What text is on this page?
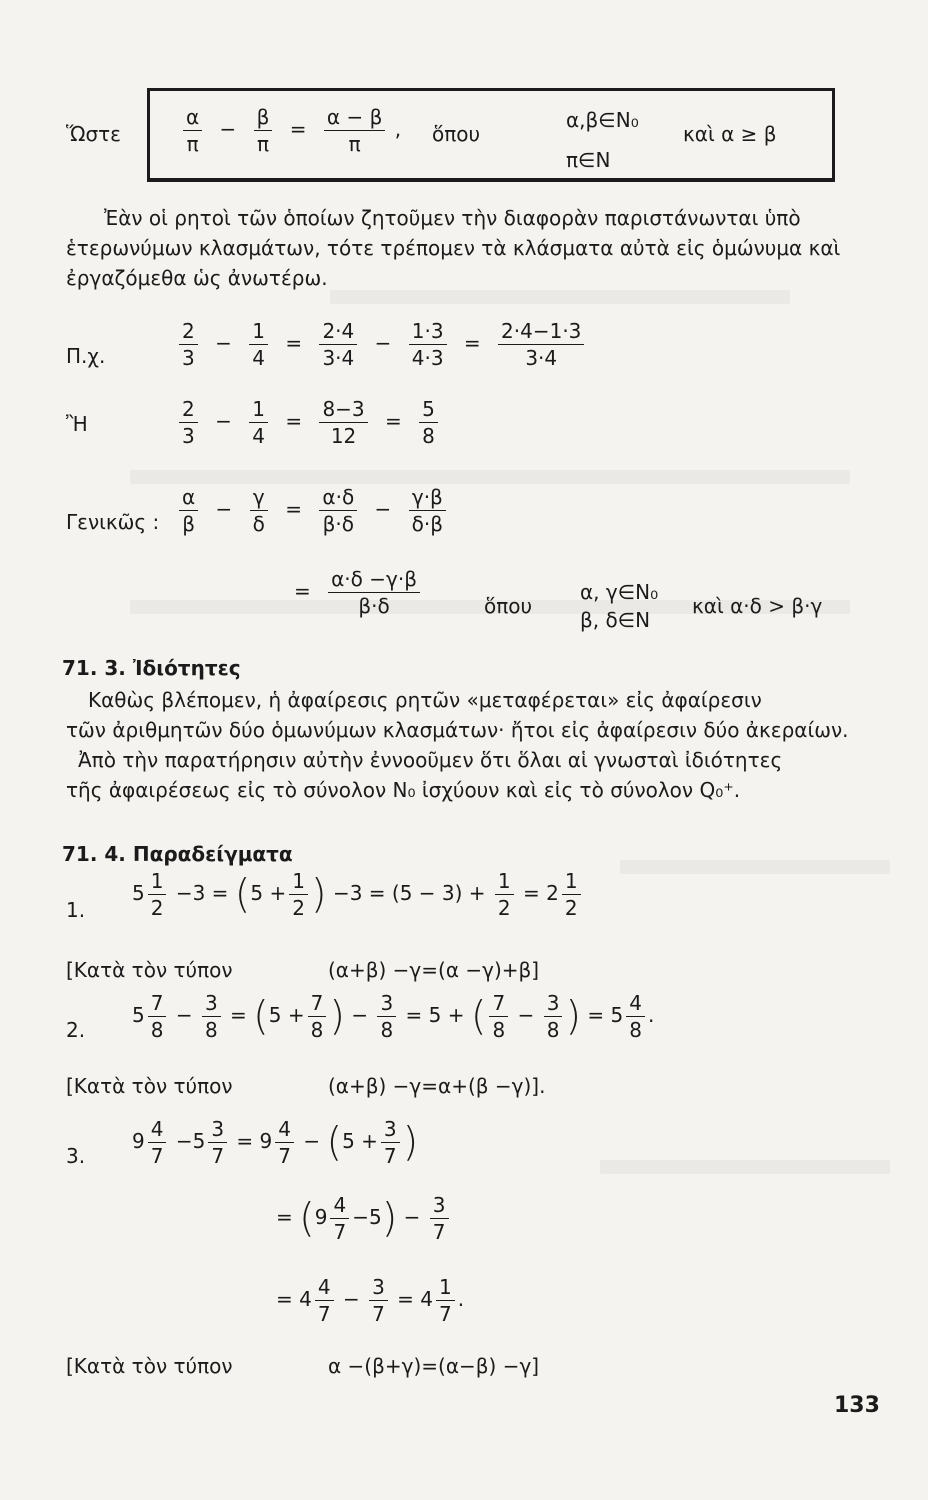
Ὥστε	$\frac{\alpha}{\pi} - \frac{\beta}{\pi} = \frac{\alpha - \beta}{\pi}$ , ὅπου
α,β∈N₀
π∈N
καὶ α ≥ β
Ἐὰν οἱ ρητοὶ τῶν ὁποίων ζητοῦμεν τὴν διαφορὰν παριστάνωνται ὑπὸ
ἑτερωνύμων κλασμάτων, τότε τρέπομεν τὰ κλάσματα αὐτὰ εἰς ὁμώνυμα καὶ
ἐργαζόμεθα ὡς ἀνωτέρω.
Π.χ.	$\frac{2}{3} - \frac{1}{4} = \frac{2\cdot 4}{3\cdot 4} - \frac{1\cdot 3}{4\cdot 3} = \frac{2\cdot 4-1\cdot 3}{3\cdot 4}$
Ἢ	$\frac{2}{3} - \frac{1}{4} = \frac{8-3}{12} = \frac{5}{8}$
Γενικῶς : $\frac{\alpha}{\beta} - \frac{\gamma}{\delta} = \frac{\alpha\cdot\delta}{\beta\cdot\delta} - \frac{\gamma\cdot\beta}{\delta\cdot\beta}$
= $\frac{\alpha\cdot\delta -\gamma\cdot\beta}{\beta\cdot\delta}$	ὅπου
α, γ∈N₀
β, δ∈N
καὶ α·δ > β·γ
71. 3. Ἰδιότητες
Καθὼς βλέπομεν, ἡ ἀφαίρεσις ρητῶν «μεταφέρεται» εἰς ἀφαίρεσιν
τῶν ἀριθμητῶν δύο ὁμωνύμων κλασμάτων· ἤτοι εἰς ἀφαίρεσιν δύο ἀκεραίων.
Ἀπὸ τὴν παρατήρησιν αὐτὴν ἐννοοῦμεν ὅτι ὅλαι αἱ γνωσταὶ ἰδιότητες
τῆς ἀφαιρέσεως εἰς τὸ σύνολον N₀ ἰσχύουν καὶ εἰς τὸ σύνολον Q₀⁺.
71. 4. Παραδείγματα
1.
$5 \frac{1}{2} -3 = (5 + \frac{1}{2}$ ) $-3 = (5 - 3) + \frac{1}{2} = 2 \frac{1}{2}$
[Κατὰ τὸν τύπον	(α+β) −γ=(α −γ)+β]
2.
$5 \frac{7}{8} - \frac{3}{8} = (5 + \frac{7}{8}$ ) − $\frac{3}{8} = 5$ + ( $\frac{7}{8} - \frac{3}{8}$ ) = $5 \frac{4}{8}$ .
[Κατὰ τὸν τύπον	(α+β) −γ=α+(β −γ)].
3.
$9 \frac{4}{7} -5 \frac{3}{7} = 9 \frac{4}{7} - (5 + \frac{3}{7}$ )
= $(9 \frac{4}{7} -5) - \frac{3}{7}$
= $4 \frac{4}{7} - \frac{3}{7} = 4 \frac{1}{7}$ .
[Κατὰ τὸν τύπον	α −(β+γ)=(α−β) −γ]
133
